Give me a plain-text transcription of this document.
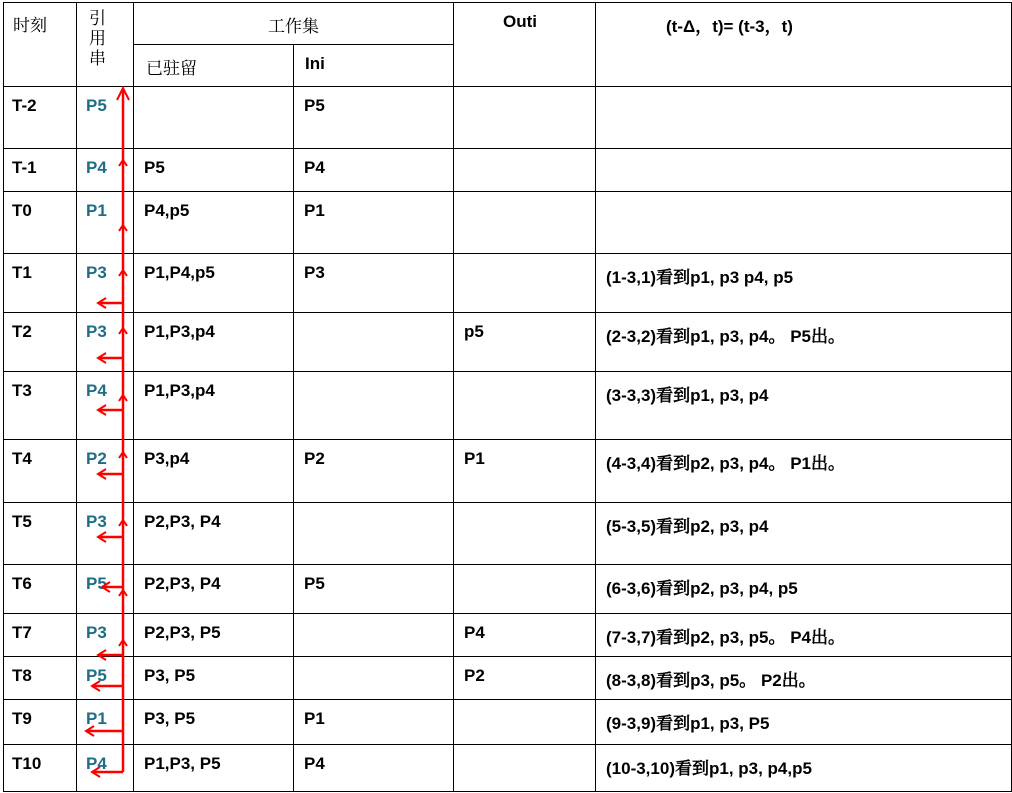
时刻	引
用
串	工作集		Outi	(t-Δ，t)= (t-3，t)

		已驻留	Ini		

T-2	P5		P5		

T-1	P4	P5	P4		

T0	P1	P4,p5	P1		

T1	P3	P1,P4,p5	P3		(1-3,1)看到p1, p3 p4, p5

T2	P3	P1,P3,p4		p5	(2-3,2)看到p1, p3, p4。 P5出。

T3	P4	P1,P3,p4			(3-3,3)看到p1, p3, p4

T4	P2	P3,p4	P2	P1	(4-3,4)看到p2, p3, p4。 P1出。

T5	P3	P2,P3, P4			(5-3,5)看到p2, p3, p4

T6	P5	P2,P3, P4	P5		(6-3,6)看到p2, p3, p4, p5

T7	P3	P2,P3, P5		P4	(7-3,7)看到p2, p3, p5。 P4出。

T8	P5	P3, P5		P2	(8-3,8)看到p3, p5。 P2出。

T9	P1	P3, P5	P1		(9-3,9)看到p1, p3, P5

T10	P4	P1,P3, P5	P4		(10-3,10)看到p1, p3, p4,p5
